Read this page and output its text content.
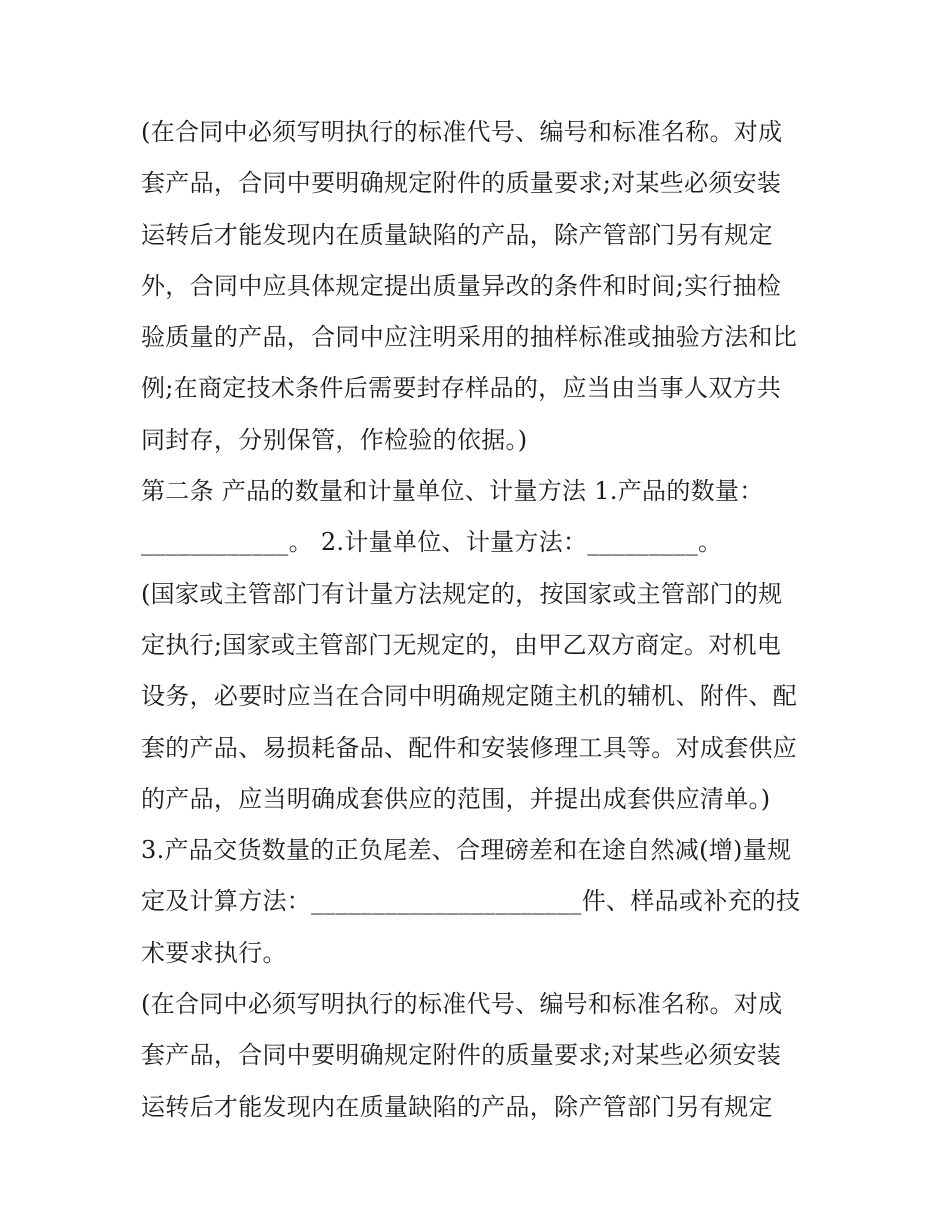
(在合同中必须写明执行的标准代号、编号和标准名称。对成
套产品，合同中要明确规定附件的质量要求;对某些必须安装
运转后才能发现内在质量缺陷的产品，除产管部门另有规定
外，合同中应具体规定提出质量异改的条件和时间;实行抽检
验质量的产品，合同中应注明采用的抽样标准或抽验方法和比
例;在商定技术条件后需要封存样品的，应当由当事人双方共
同封存，分别保管，作检验的依据。)
第二条 产品的数量和计量单位、计量方法 1.产品的数量：
____________。 2.计量单位、计量方法：_________。
(国家或主管部门有计量方法规定的，按国家或主管部门的规
定执行;国家或主管部门无规定的，由甲乙双方商定。对机电
设务，必要时应当在合同中明确规定随主机的辅机、附件、配
套的产品、易损耗备品、配件和安装修理工具等。对成套供应
的产品，应当明确成套供应的范围，并提出成套供应清单。)
3.产品交货数量的正负尾差、合理磅差和在途自然减(增)量规
定及计算方法：______________________件、样品或补充的技
术要求执行。
(在合同中必须写明执行的标准代号、编号和标准名称。对成
套产品，合同中要明确规定附件的质量要求;对某些必须安装
运转后才能发现内在质量缺陷的产品，除产管部门另有规定
